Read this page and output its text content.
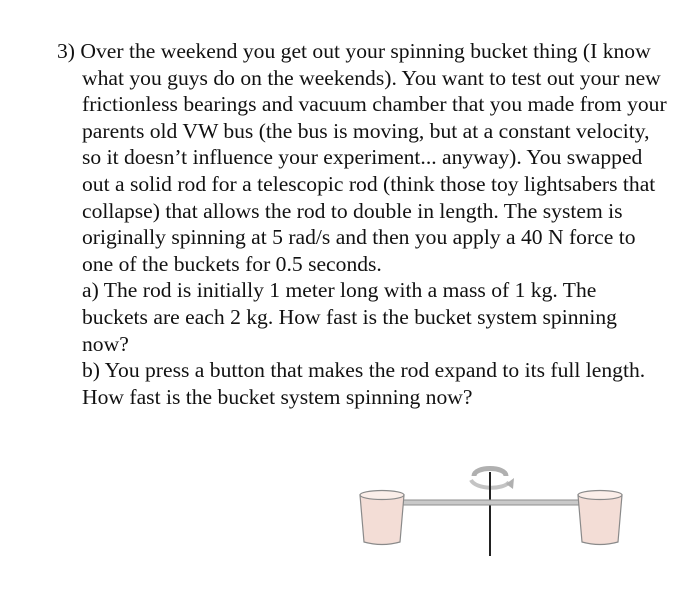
3) Over the weekend you get out your spinning bucket thing (I know what you guys do on the weekends). You want to test out your new frictionless bearings and vacuum chamber that you made from your parents old VW bus (the bus is moving, but at a constant velocity, so it doesn’t influence your experiment... anyway). You swapped out a solid rod for a telescopic rod (think those toy lightsabers that collapse) that allows the rod to double in length. The system is originally spinning at 5 rad/s and then you apply a 40 N force to one of the buckets for 0.5 seconds.

a) The rod is initially 1 meter long with a mass of 1 kg. The buckets are each 2 kg. How fast is the bucket system spinning now?

b) You press a button that makes the rod expand to its full length. How fast is the bucket system spinning now?
